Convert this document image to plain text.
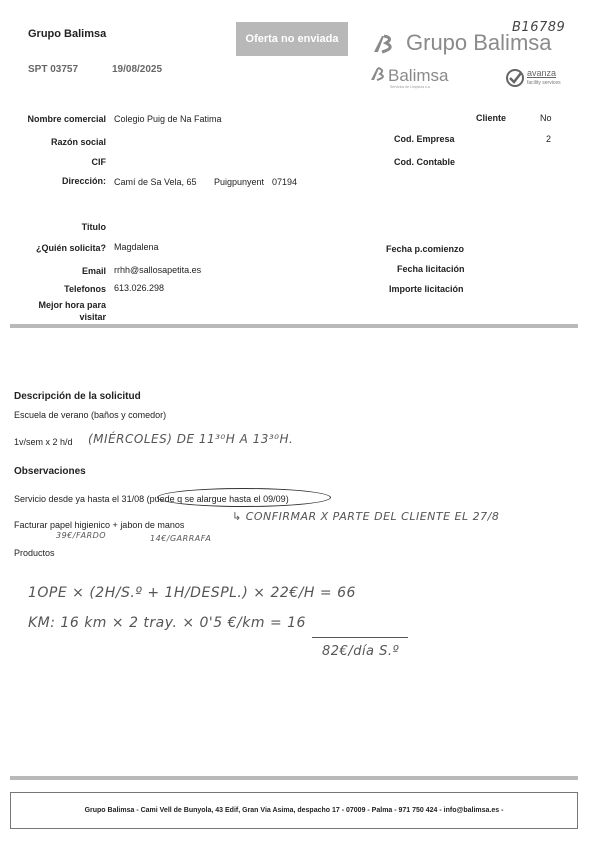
Grupo Balimsa
SPT 03757	19/08/2025
Oferta no enviada
B16789
Grupo Balimsa
Balimsa
Servicios de Limpieza s.a.
avanza
facility services
Nombre comercial Colegio Puig de Na Fatima
Razón social
CIF
Dirección: Camí de Sa Vela, 65 Puigpunyent 07194
Titulo
¿Quién solicita? Magdalena
Email rrhh@sallosapetita.es
Telefonos 613.026.298
Mejor hora para
visitar
Cliente	No
Cod. Empresa	2
Cod. Contable
Fecha p.comienzo
Fecha licitación
Importe licitación
Descripción de la solicitud
Escuela de verano (baños y comedor)
1v/sem x 2 h/d (MIÉRCOLES) DE 11³⁰H A 13³⁰H.
Observaciones
Servicio desde ya hasta el 31/08 (puede q se alargue hasta el 09/09)
Facturar papel higienico + jabon de manos
↳ CONFIRMAR X PARTE DEL CLIENTE EL 27/8
39€/FARDO	14€/GARRAFA
Productos
1OPE × (2H/S.º + 1H/DESPL.) × 22€/H = 66
KM: 16 km × 2 tray. × 0'5 €/km = 16
82€/día S.º
Grupo Balimsa - Cami Vell de Bunyola, 43 Edif, Gran Via Asima, despacho 17 - 07009 - Palma - 971 750 424 - info@balimsa.es -
